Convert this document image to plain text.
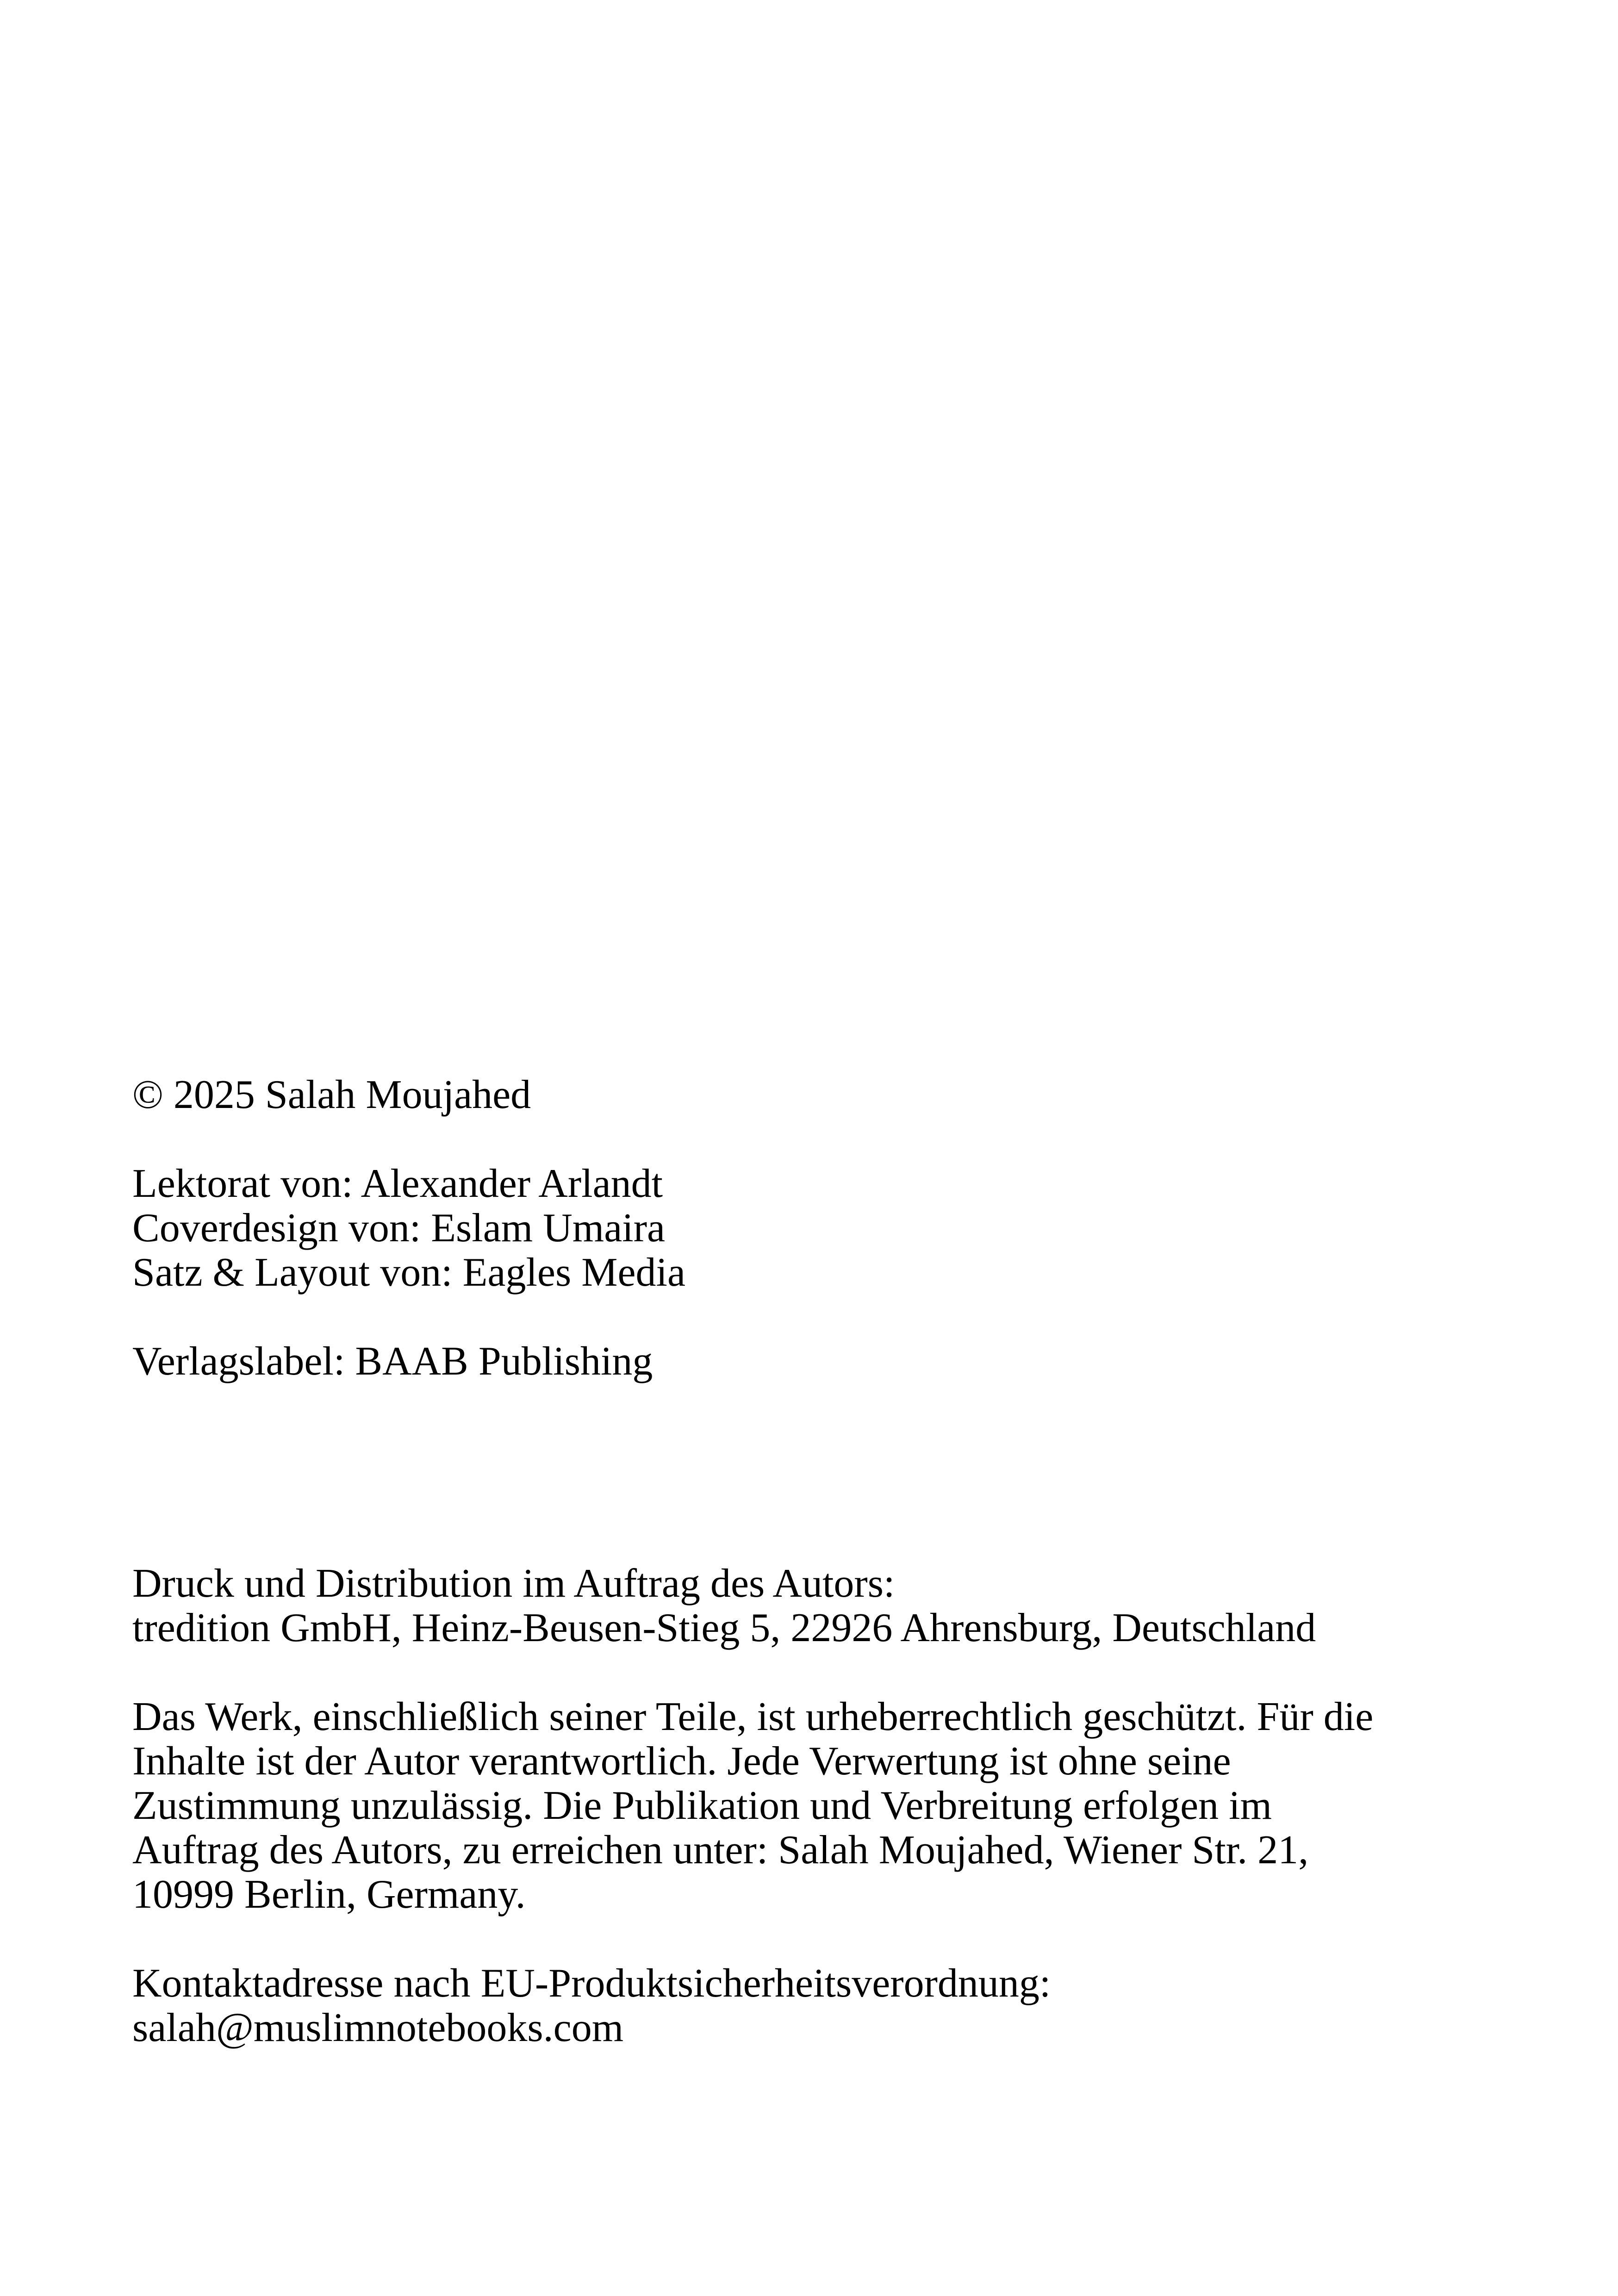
© 2025 Salah Moujahed
Lektorat von: Alexander Arlandt
Coverdesign von: Eslam Umaira
Satz & Layout von: Eagles Media
Verlagslabel: BAAB Publishing
Druck und Distribution im Auftrag des Autors:
tredition GmbH, Heinz-Beusen-Stieg 5, 22926 Ahrensburg, Deutschland
Das Werk, einschließlich seiner Teile, ist urheberrechtlich geschützt. Für die
Inhalte ist der Autor verantwortlich. Jede Verwertung ist ohne seine
Zustimmung unzulässig. Die Publikation und Verbreitung erfolgen im
Auftrag des Autors, zu erreichen unter: Salah Moujahed, Wiener Str. 21,
10999 Berlin, Germany.
Kontaktadresse nach EU-Produktsicherheitsverordnung:
salah@muslimnotebooks.com
